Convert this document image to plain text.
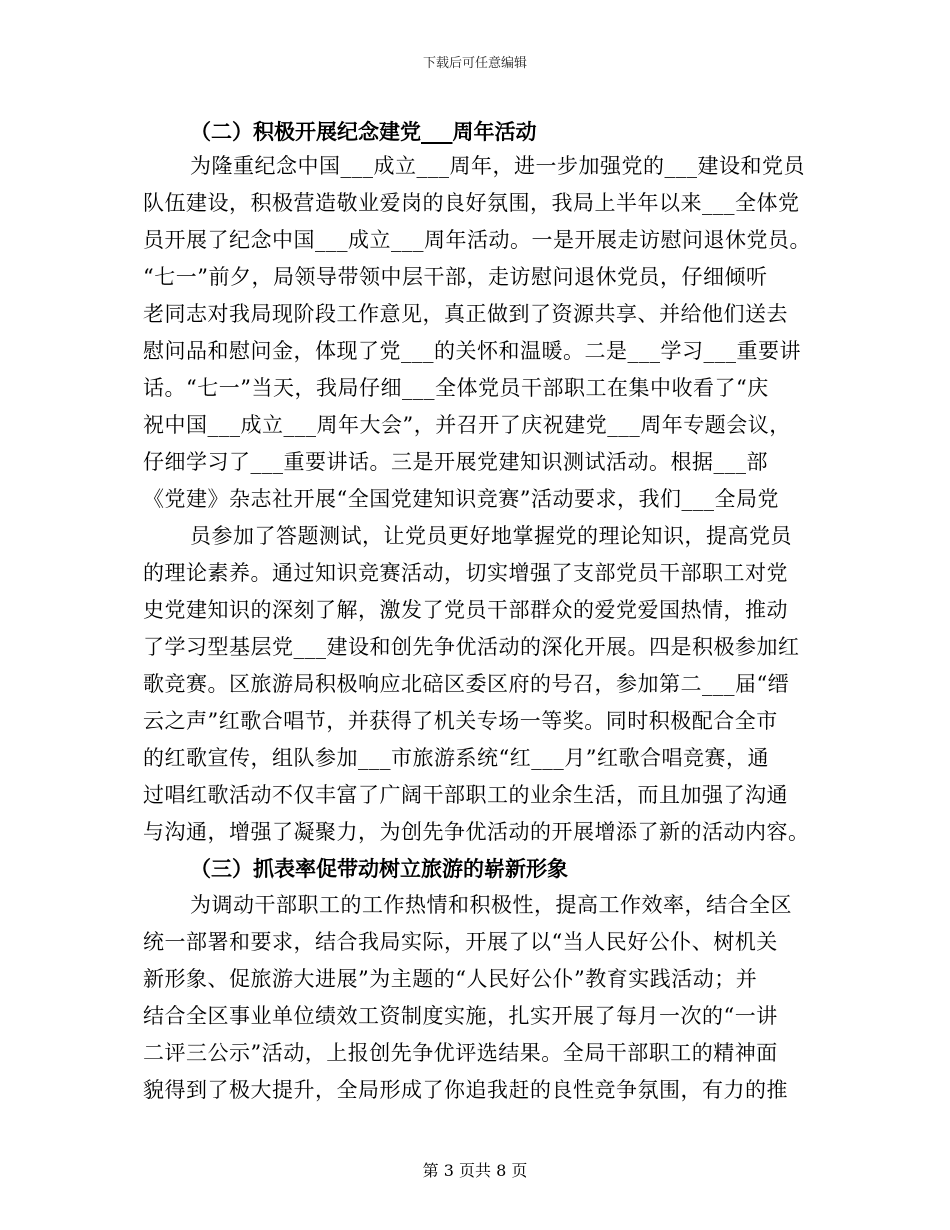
下载后可任意编辑
（二）积极开展纪念建党___周年活动
为隆重纪念中国___成立___周年，进一步加强党的___建设和党员
队伍建设，积极营造敬业爱岗的良好氛围，我局上半年以来___全体党
员开展了纪念中国___成立___周年活动。一是开展走访慰问退休党员。
“七一”前夕，局领导带领中层干部，走访慰问退休党员，仔细倾听
老同志对我局现阶段工作意见，真正做到了资源共享、并给他们送去
慰问品和慰问金，体现了党___的关怀和温暖。二是___学习___重要讲
话。“七一”当天，我局仔细___全体党员干部职工在集中收看了“庆
祝中国___成立___周年大会”，并召开了庆祝建党___周年专题会议，
仔细学习了___重要讲话。三是开展党建知识测试活动。根据___部
《党建》杂志社开展“全国党建知识竞赛”活动要求，我们___全局党
员参加了答题测试，让党员更好地掌握党的理论知识，提高党员
的理论素养。通过知识竞赛活动，切实增强了支部党员干部职工对党
史党建知识的深刻了解，激发了党员干部群众的爱党爱国热情，推动
了学习型基层党___建设和创先争优活动的深化开展。四是积极参加红
歌竞赛。区旅游局积极响应北碚区委区府的号召，参加第二___届“缙
云之声”红歌合唱节，并获得了机关专场一等奖。同时积极配合全市
的红歌宣传，组队参加___市旅游系统“红___月”红歌合唱竞赛，通
过唱红歌活动不仅丰富了广阔干部职工的业余生活，而且加强了沟通
与沟通，增强了凝聚力，为创先争优活动的开展增添了新的活动内容。
（三）抓表率促带动树立旅游的崭新形象
为调动干部职工的工作热情和积极性，提高工作效率，结合全区
统一部署和要求，结合我局实际，开展了以“当人民好公仆、树机关
新形象、促旅游大进展”为主题的“人民好公仆”教育实践活动；并
结合全区事业单位绩效工资制度实施，扎实开展了每月一次的“一讲
二评三公示”活动，上报创先争优评选结果。全局干部职工的精神面
貌得到了极大提升，全局形成了你追我赶的良性竞争氛围，有力的推
第 3 页共 8 页
